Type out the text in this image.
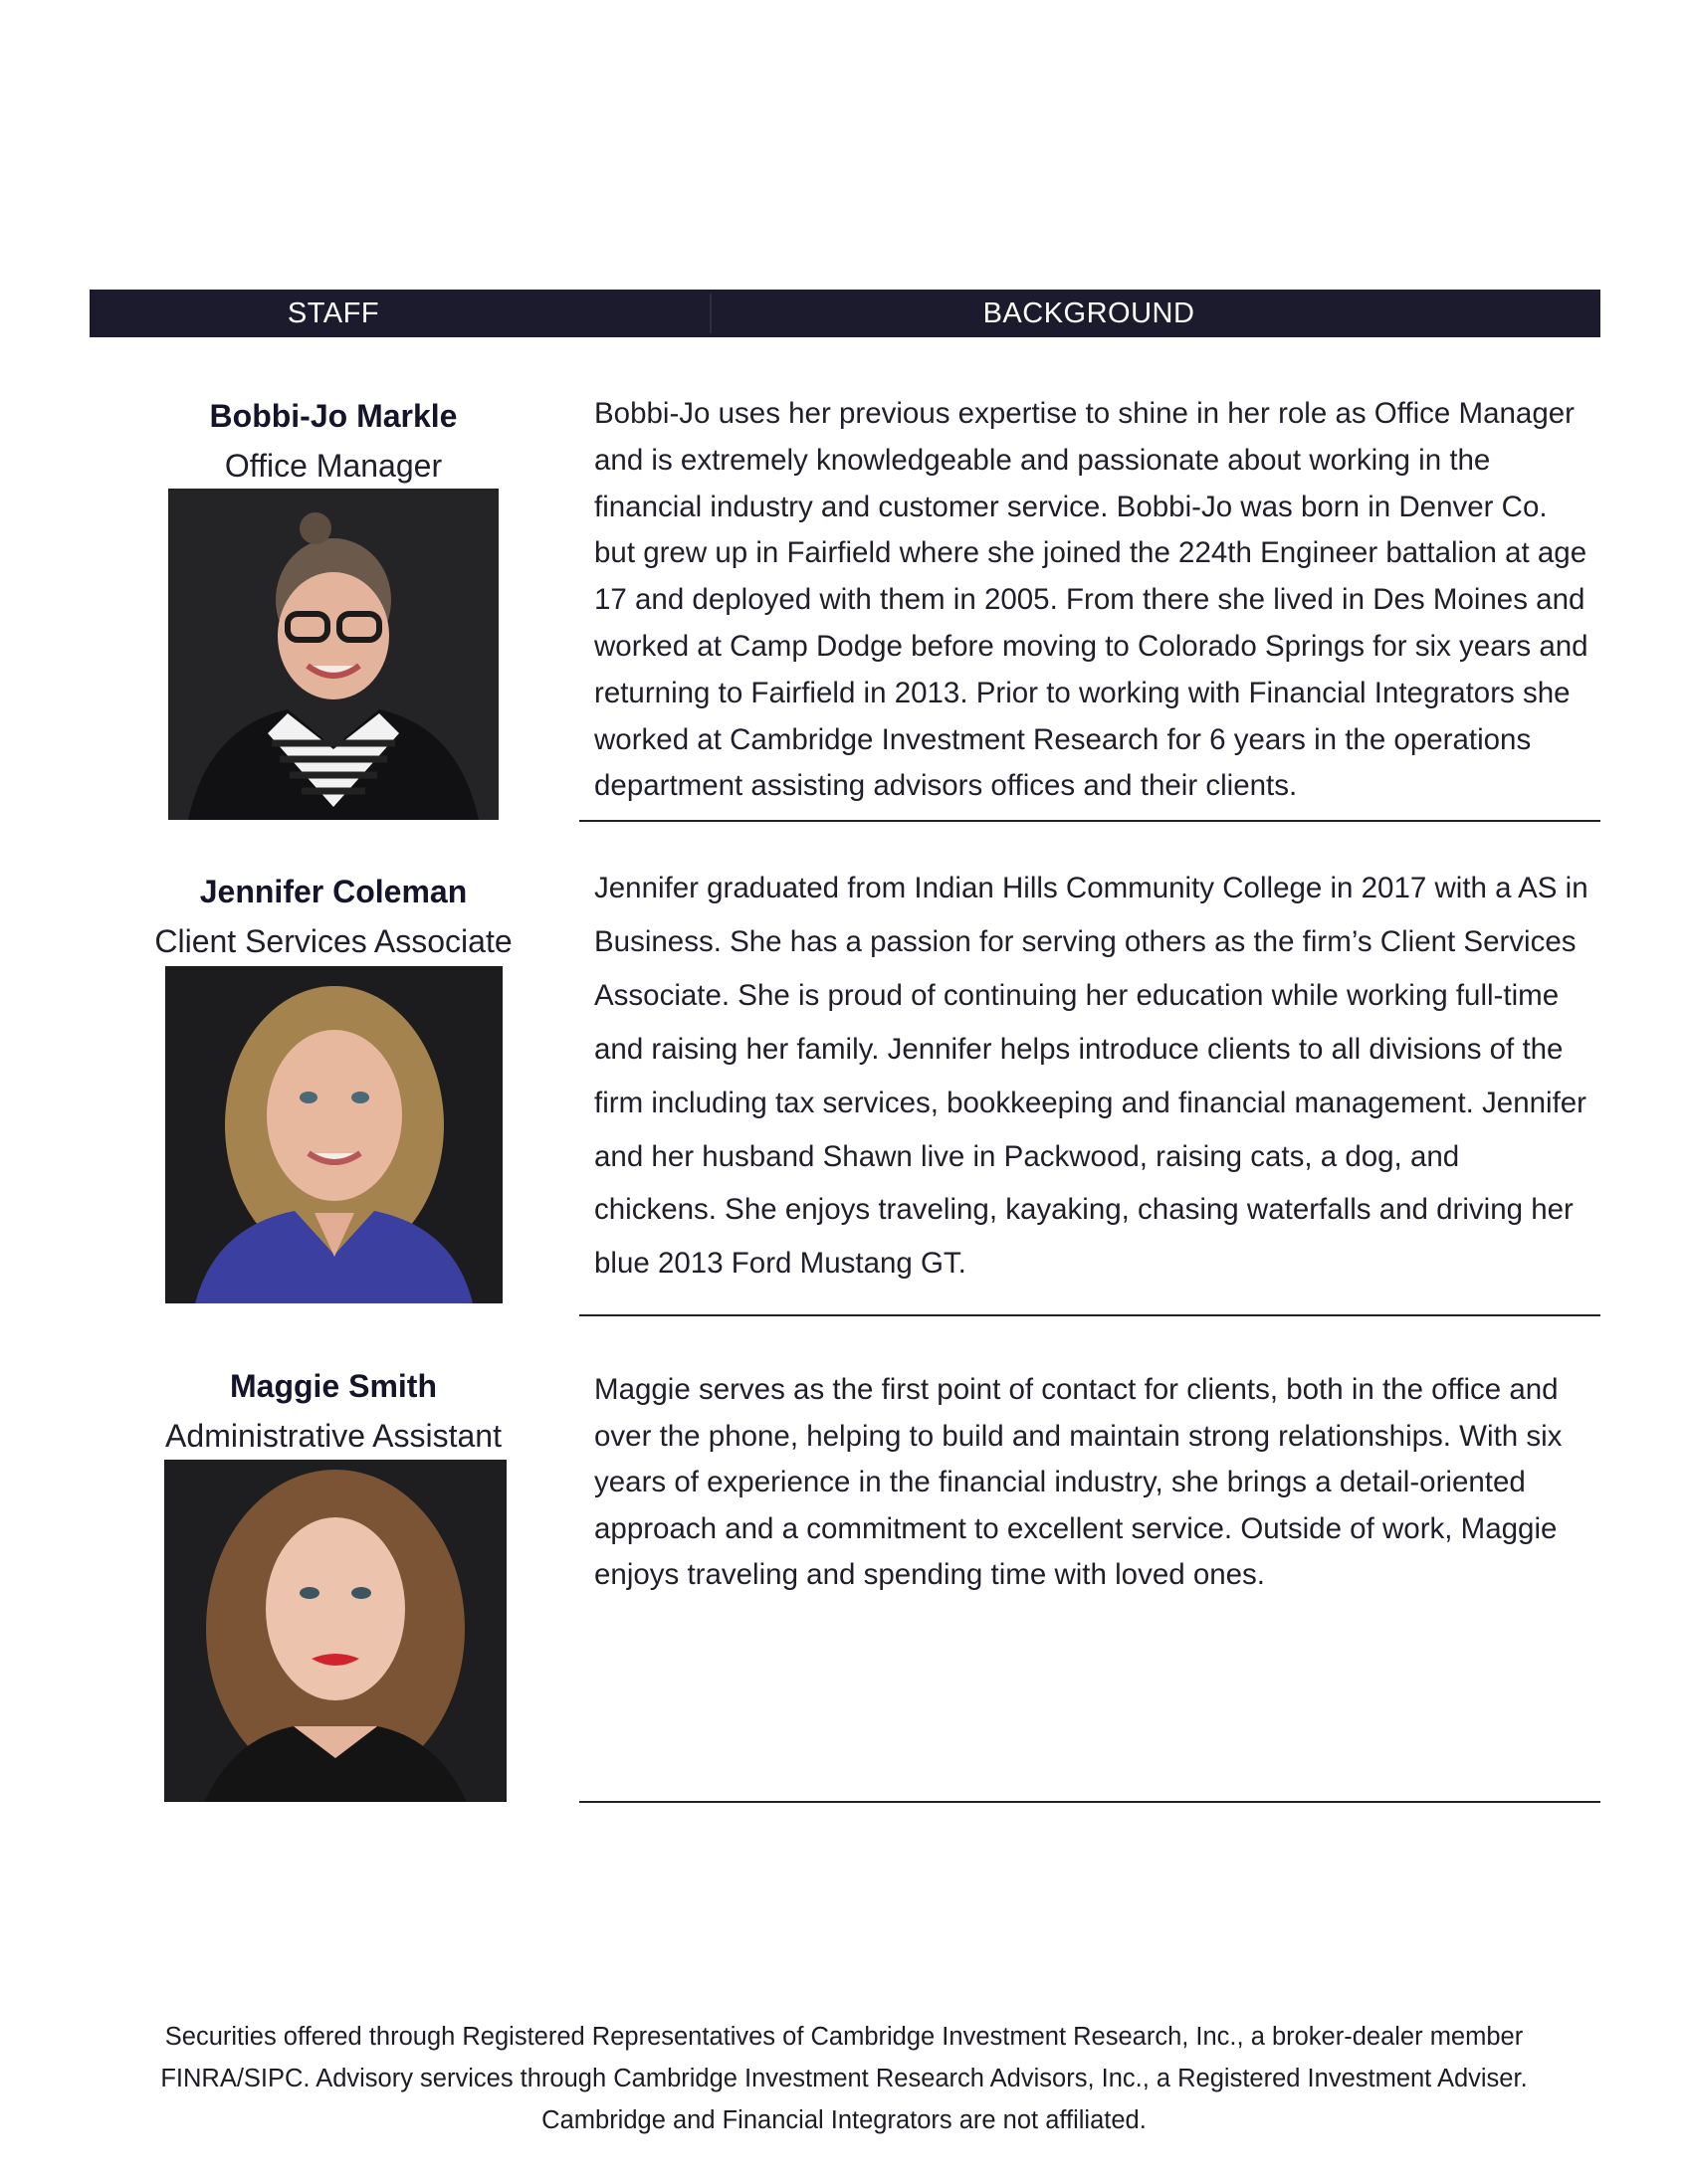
STAFF	BACKGROUND
Bobbi-Jo Markle
Office Manager
Bobbi-Jo uses her previous expertise to shine in her role as Office Manager and is extremely knowledgeable and passionate about working in the financial industry and customer service. Bobbi-Jo was born in Denver Co. but grew up in Fairfield where she joined the 224th Engineer battalion at age 17 and deployed with them in 2005. From there she lived in Des Moines and worked at Camp Dodge before moving to Colorado Springs for six years and returning to Fairfield in 2013. Prior to working with Financial Integrators she worked at Cambridge Investment Research for 6 years in the operations department assisting advisors offices and their clients.
Jennifer Coleman
Client Services Associate
Jennifer graduated from Indian Hills Community College in 2017 with a AS in Business. She has a passion for serving others as the firm’s Client Services Associate. She is proud of continuing her education while working full-time and raising her family. Jennifer helps introduce clients to all divisions of the firm including tax services, bookkeeping and financial management. Jennifer and her husband Shawn live in Packwood, raising cats, a dog, and chickens. She enjoys traveling, kayaking, chasing waterfalls and driving her blue 2013 Ford Mustang GT.
Maggie Smith
Administrative Assistant
Maggie serves as the first point of contact for clients, both in the office and over the phone, helping to build and maintain strong relationships. With six years of experience in the financial industry, she brings a detail-oriented approach and a commitment to excellent service. Outside of work, Maggie enjoys traveling and spending time with loved ones.
Securities offered through Registered Representatives of Cambridge Investment Research, Inc., a broker-dealer member
FINRA/SIPC. Advisory services through Cambridge Investment Research Advisors, Inc., a Registered Investment Adviser.
Cambridge and Financial Integrators are not affiliated.
